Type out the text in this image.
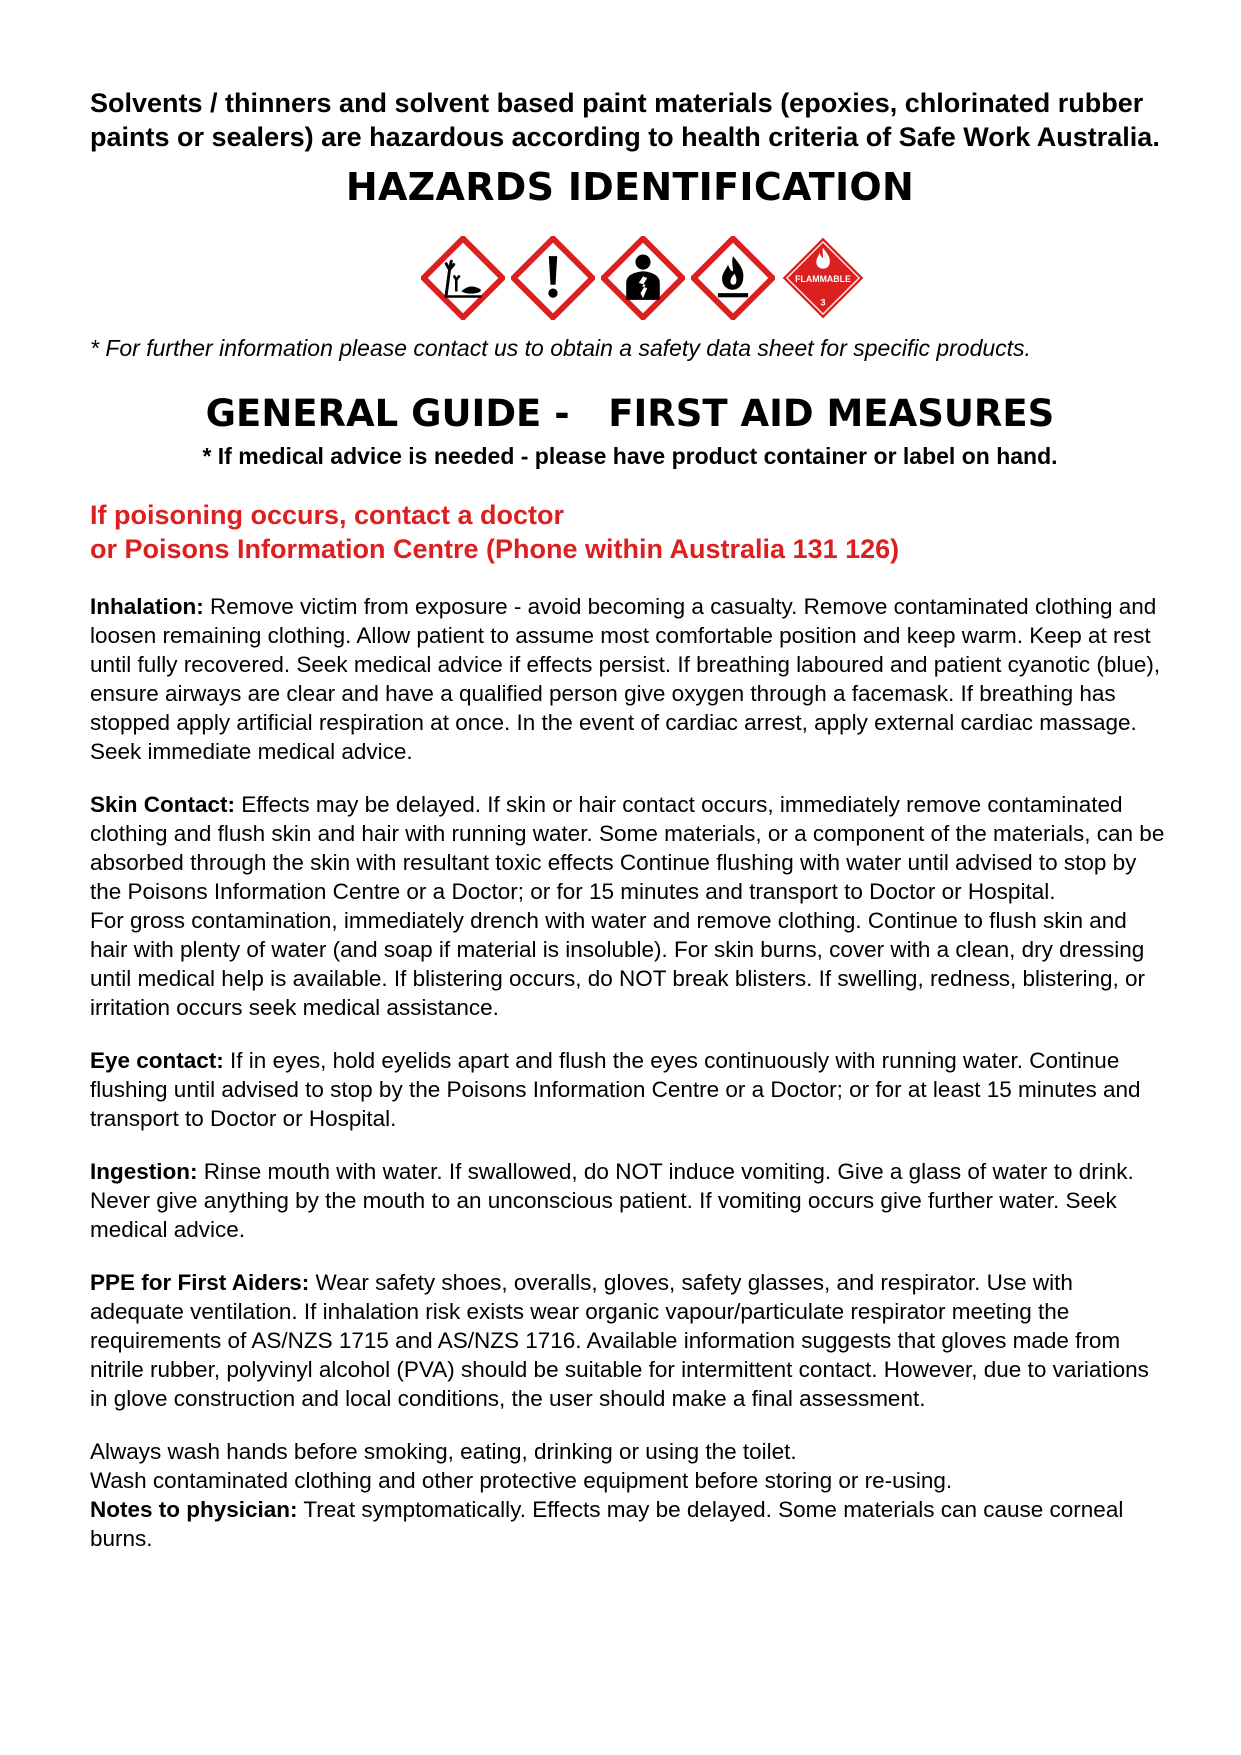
Solvents / thinners and solvent based paint materials (epoxies, chlorinated rubber paints or sealers) are hazardous according to health criteria of Safe Work Australia.

HAZARDS IDENTIFICATION
FLAMMABLE
3

* For further information please contact us to obtain a safety data sheet for specific products.

GENERAL GUIDE -   FIRST AID MEASURES

* If medical advice is needed - please have product container or label on hand.

If poisoning occurs, contact a doctor
or Poisons Information Centre (Phone within Australia 131 126)

Inhalation: Remove victim from exposure - avoid becoming a casualty. Remove contaminated clothing and loosen remaining clothing. Allow patient to assume most comfortable position and keep warm. Keep at rest until fully recovered. Seek medical advice if effects persist. If breathing laboured and patient cyanotic (blue), ensure airways are clear and have a qualified person give oxygen through a facemask. If breathing has stopped apply artificial respiration at once. In the event of cardiac arrest, apply external cardiac massage. Seek immediate medical advice.

Skin Contact: Effects may be delayed. If skin or hair contact occurs, immediately remove contaminated clothing and flush skin and hair with running water. Some materials, or a component of the materials, can be absorbed through the skin with resultant toxic effects Continue flushing with water until advised to stop by the Poisons Information Centre or a Doctor; or for 15 minutes and transport to Doctor or Hospital.

For gross contamination, immediately drench with water and remove clothing. Continue to flush skin and hair with plenty of water (and soap if material is insoluble). For skin burns, cover with a clean, dry dressing until medical help is available. If blistering occurs, do NOT break blisters. If swelling, redness, blistering, or irritation occurs seek medical assistance.

Eye contact: If in eyes, hold eyelids apart and flush the eyes continuously with running water. Continue flushing until advised to stop by the Poisons Information Centre or a Doctor; or for at least 15 minutes and transport to Doctor or Hospital.

Ingestion: Rinse mouth with water. If swallowed, do NOT induce vomiting. Give a glass of water to drink. Never give anything by the mouth to an unconscious patient. If vomiting occurs give further water. Seek medical advice.

PPE for First Aiders: Wear safety shoes, overalls, gloves, safety glasses, and respirator. Use with adequate ventilation. If inhalation risk exists wear organic vapour/particulate respirator meeting the requirements of AS/NZS 1715 and AS/NZS 1716. Available information suggests that gloves made from nitrile rubber, polyvinyl alcohol (PVA) should be suitable for intermittent contact. However, due to variations in glove construction and local conditions, the user should make a final assessment.

Always wash hands before smoking, eating, drinking or using the toilet.

Wash contaminated clothing and other protective equipment before storing or re-using.

Notes to physician: Treat symptomatically. Effects may be delayed. Some materials can cause corneal burns.
